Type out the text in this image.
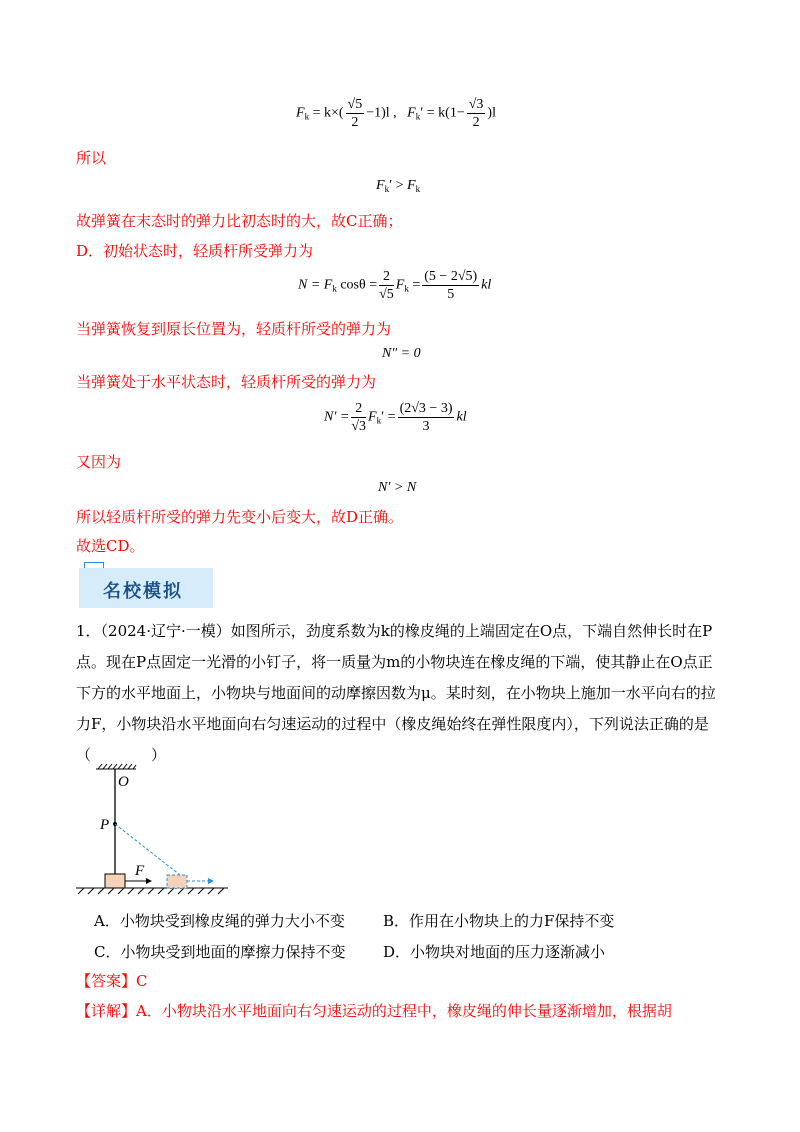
$F_k = k\times( \frac{√5}{2} -1)l$ , $F_k' = k(1- \frac{√3}{2} )l$
所以
$F_k' > F_k$
故弹簧在末态时的弹力比初态时的大，故C正确；
D．初始状态时，轻质杆所受弹力为
$N = F_k$ $\cos\theta = \frac{2}{√5} F_k = \frac{(5 - 2√5)}{5}$ kl
当弹簧恢复到原长位置为，轻质杆所受的弹力为
N″ = 0
当弹簧处于水平状态时，轻质杆所受的弹力为
$N' = \frac{2}{√3} F_k' = \frac{(2√3 - 3)}{3}$ kl
又因为
N′ > N
所以轻质杆所受的弹力先变小后变大，故D正确。
故选CD。
名校模拟
1．（2024·辽宁·一模）如图所示，劲度系数为k的橡皮绳的上端固定在O点，下端自然伸长时在P点。现在P点固定一光滑的小钉子，将一质量为m的小物块连在橡皮绳的下端，使其静止在O点正下方的水平地面上，小物块与地面间的动摩擦因数为μ。某时刻，在小物块上施加一水平向右的拉力F，小物块沿水平地面向右匀速运动的过程中（橡皮绳始终在弹性限度内），下列说法正确的是（　　　　）
O
P
F
A．小物块受到橡皮绳的弹力大小不变	B．作用在小物块上的力F保持不变
C．小物块受到地面的摩擦力保持不变	D．小物块对地面的压力逐渐减小
【答案】C
【详解】A．小物块沿水平地面向右匀速运动的过程中，橡皮绳的伸长量逐渐增加，根据胡
